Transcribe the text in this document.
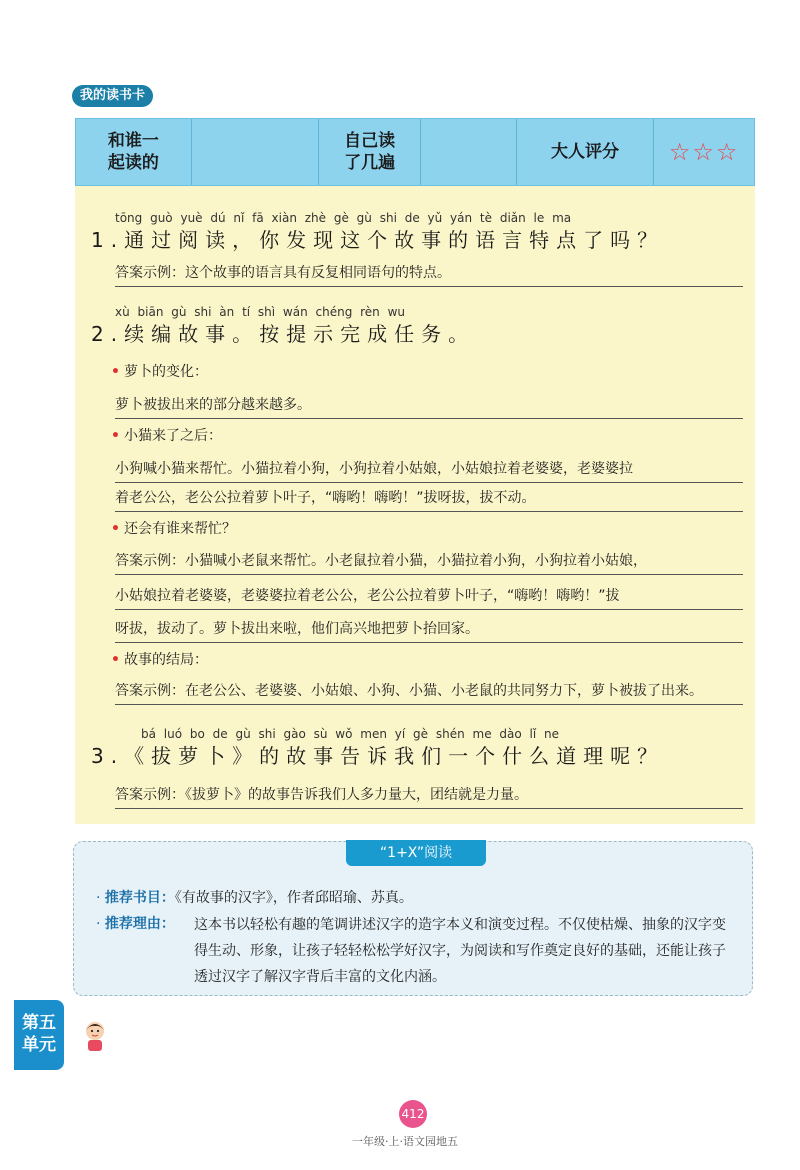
我的读书卡
和谁一
起读的
自己读
了几遍
大人评分	☆☆☆
tōng guò yuè dú nǐ fā xiàn zhè gè gù shi de yǔ yán tè diǎn le ma
1.通过阅读，你发现这个故事的语言特点了吗？
答案示例：这个故事的语言具有反复相同语句的特点。
xù biān gù shi àn tí shì wán chéng rèn wu
2.续编故事。按提示完成任务。
• 萝卜的变化：
萝卜被拔出来的部分越来越多。
• 小猫来了之后：
小狗喊小猫来帮忙。小猫拉着小狗，小狗拉着小姑娘，小姑娘拉着老婆婆，老婆婆拉
着老公公，老公公拉着萝卜叶子，“嗨哟！嗨哟！”拔呀拔，拔不动。
• 还会有谁来帮忙？
答案示例：小猫喊小老鼠来帮忙。小老鼠拉着小猫，小猫拉着小狗，小狗拉着小姑娘，
小姑娘拉着老婆婆，老婆婆拉着老公公，老公公拉着萝卜叶子，“嗨哟！嗨哟！”拔
呀拔，拔动了。萝卜拔出来啦，他们高兴地把萝卜抬回家。
• 故事的结局：
答案示例：在老公公、老婆婆、小姑娘、小狗、小猫、小老鼠的共同努力下，萝卜被拔了出来。
bá luó bo de gù shi gào sù wǒ men yí gè shén me dào lǐ ne
3.《拔萝卜》的故事告诉我们一个什么道理呢？
答案示例：《拔萝卜》的故事告诉我们人多力量大，团结就是力量。
“1+X”阅读
· 推荐书目：《有故事的汉字》，作者邱昭瑜、苏真。
· 推荐理由： 这本书以轻松有趣的笔调讲述汉字的造字本义和演变过程。不仅使枯燥、抽象的汉字变得生动、形象，让孩子轻轻松松学好汉字，为阅读和写作奠定良好的基础，还能让孩子透过汉字了解汉字背后丰富的文化内涵。
第五
单元
412
一年级·上·语文园地五
